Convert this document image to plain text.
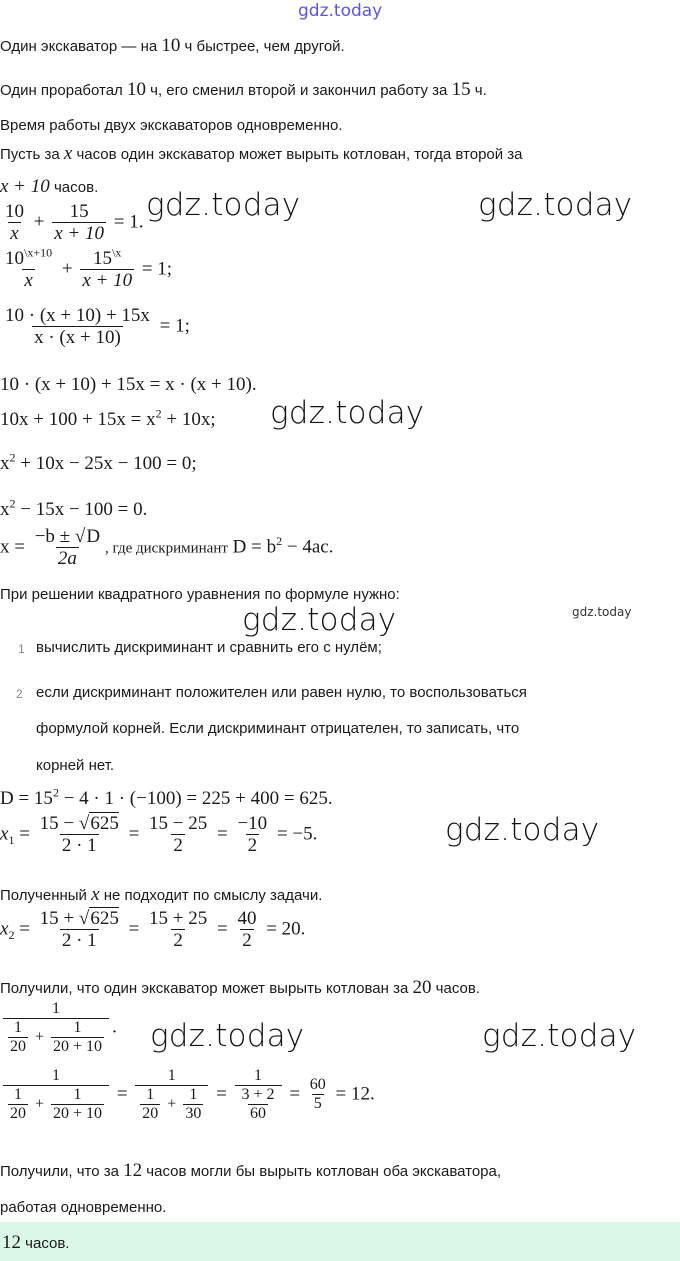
gdz.today
Один экскаватор — на 10 ч быстрее, чем другой.
Один проработал 10 ч, его сменил второй и закончил работу за 15 ч.
Время работы двух экскаваторов одновременно.
Пусть за x часов один экскаватор может вырыть котлован, тогда второй за
x + 10 часов.
$\frac{10}{x} + \frac{15}{x + 10} = 1$.
$\frac{10^{\backslash x+10}}{x} + \frac{15^{\backslash x}}{x + 10} = 1$;
$\frac{10 \cdot (x + 10) + 15x}{x \cdot (x + 10)} = 1$;
10 · (x + 10) + 15x = x · (x + 10).
$10x + 100 + 15x = x^2 + 10x$;
$x^2 + 10x - 25x - 100 = 0$;
$x^2 - 15x - 100 = 0$.
$x = \frac{-b \pm √D}{2a}$ , где дискриминант $D = b^2 - 4ac$.
При решении квадратного уравнения по формуле нужно:
1 вычислить дискриминант и сравнить его с нулём;
2 если дискриминант положителен или равен нулю, то воспользоваться
формулой корней. Если дискриминант отрицателен, то записать, что
корней нет.
$D = 15^2 - 4 \cdot 1 \cdot (-100) = 225 + 400 = 625$.
$x_1 = \frac{15 - √625}{2 \cdot 1} = \frac{15 - 25}{2} = \frac{-10}{2} = -5$.
Полученный x не подходит по смыслу задачи.
$x_2 = \frac{15 + √625}{2 \cdot 1} = \frac{15 + 25}{2} = \frac{40}{2} = 20$.
Получили, что один экскаватор может вырыть котлован за 20 часов.
$\frac{1}{\frac{1}{20} + \frac{1}{20 + 10}}$ .
$\frac{1}{\frac{1}{20} + \frac{1}{20 + 10}} = \frac{1}{\frac{1}{20} + \frac{1}{30}} = \frac{1}{\frac{3 + 2}{60}} = \frac{60}{5} = 12$.
Получили, что за 12 часов могли бы вырыть котлован оба экскаватора,
работая одновременно.
12 часов.
gdz.today	gdz.today
gdz.today
gdz.today	gdz.today
gdz.today
gdz.today	gdz.today
